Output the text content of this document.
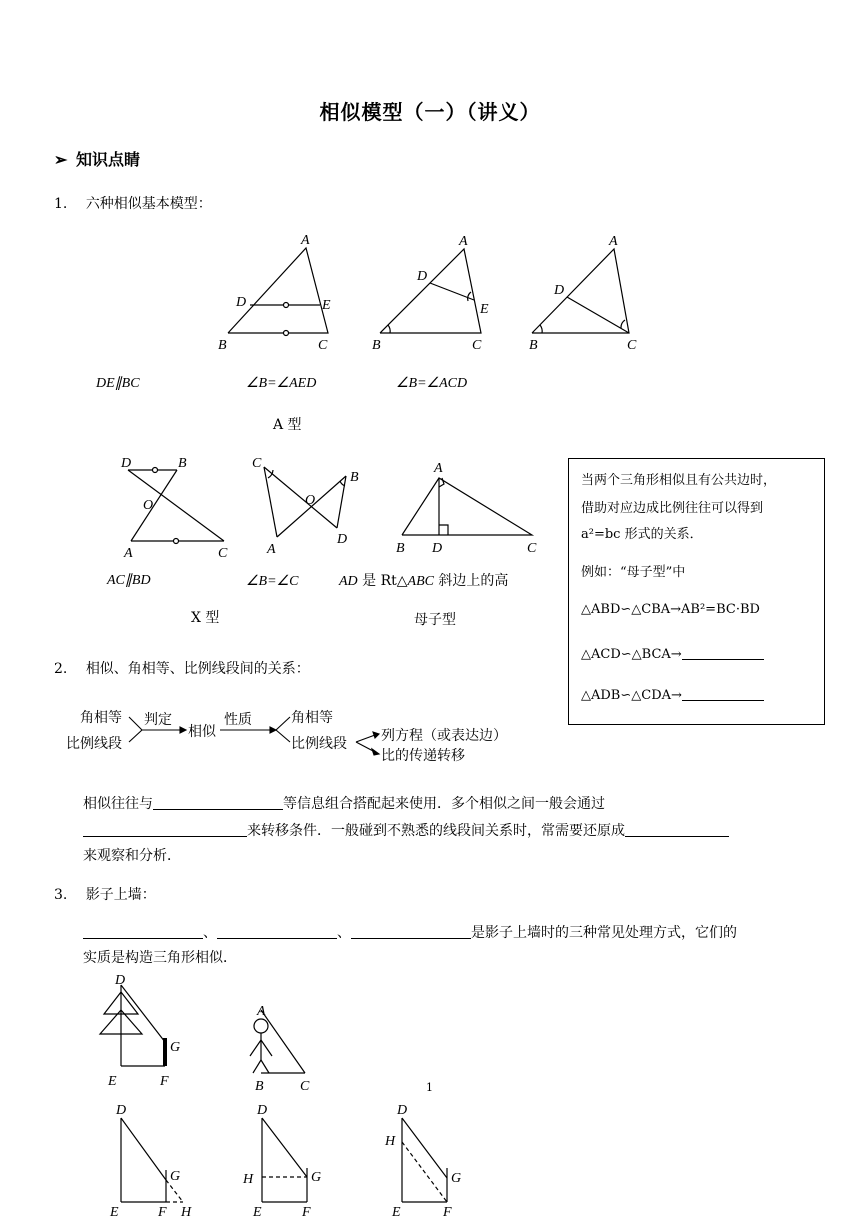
相似模型（一）（讲义）
➢ 知识点睛
1. 六种相似基本模型：
A
D	E
B	C
A
D
E
B	C
A
D
B	C
D	B
O
A	C
C
B
O
A
D
A
B D	C
D
G
E	F
A
B	C
D
G
E	F H
D
G
H
E	F
D
H
G
E	F
DE∥BC	∠B=∠AED	∠B=∠ACD
A 型
AC∥BD	∠B=∠C	AD 是 Rt△ABC 斜边上的高
X 型	母子型
当两个三角形相似且有公共边时，
借助对应边成比例往往可以得到
a²=bc 形式的关系．
例如：“母子型”中
△ABD∽△CBA→AB²=BC·BD
△ACD∽△BCA→
△ADB∽△CDA→
2. 相似、角相等、比例线段间的关系：
角相等
比例线段
判定
相似
性质	角相等
比例线段 列方程（或表达边）
比的传递转移
相似往往与	等信息组合搭配起来使用．多个相似之间一般会通过
来转移条件．一般碰到不熟悉的线段间关系时，常需要还原成
来观察和分析．
3. 影子上墙：
、	、	是影子上墙时的三种常见处理方式，它们的
实质是构造三角形相似．
1
